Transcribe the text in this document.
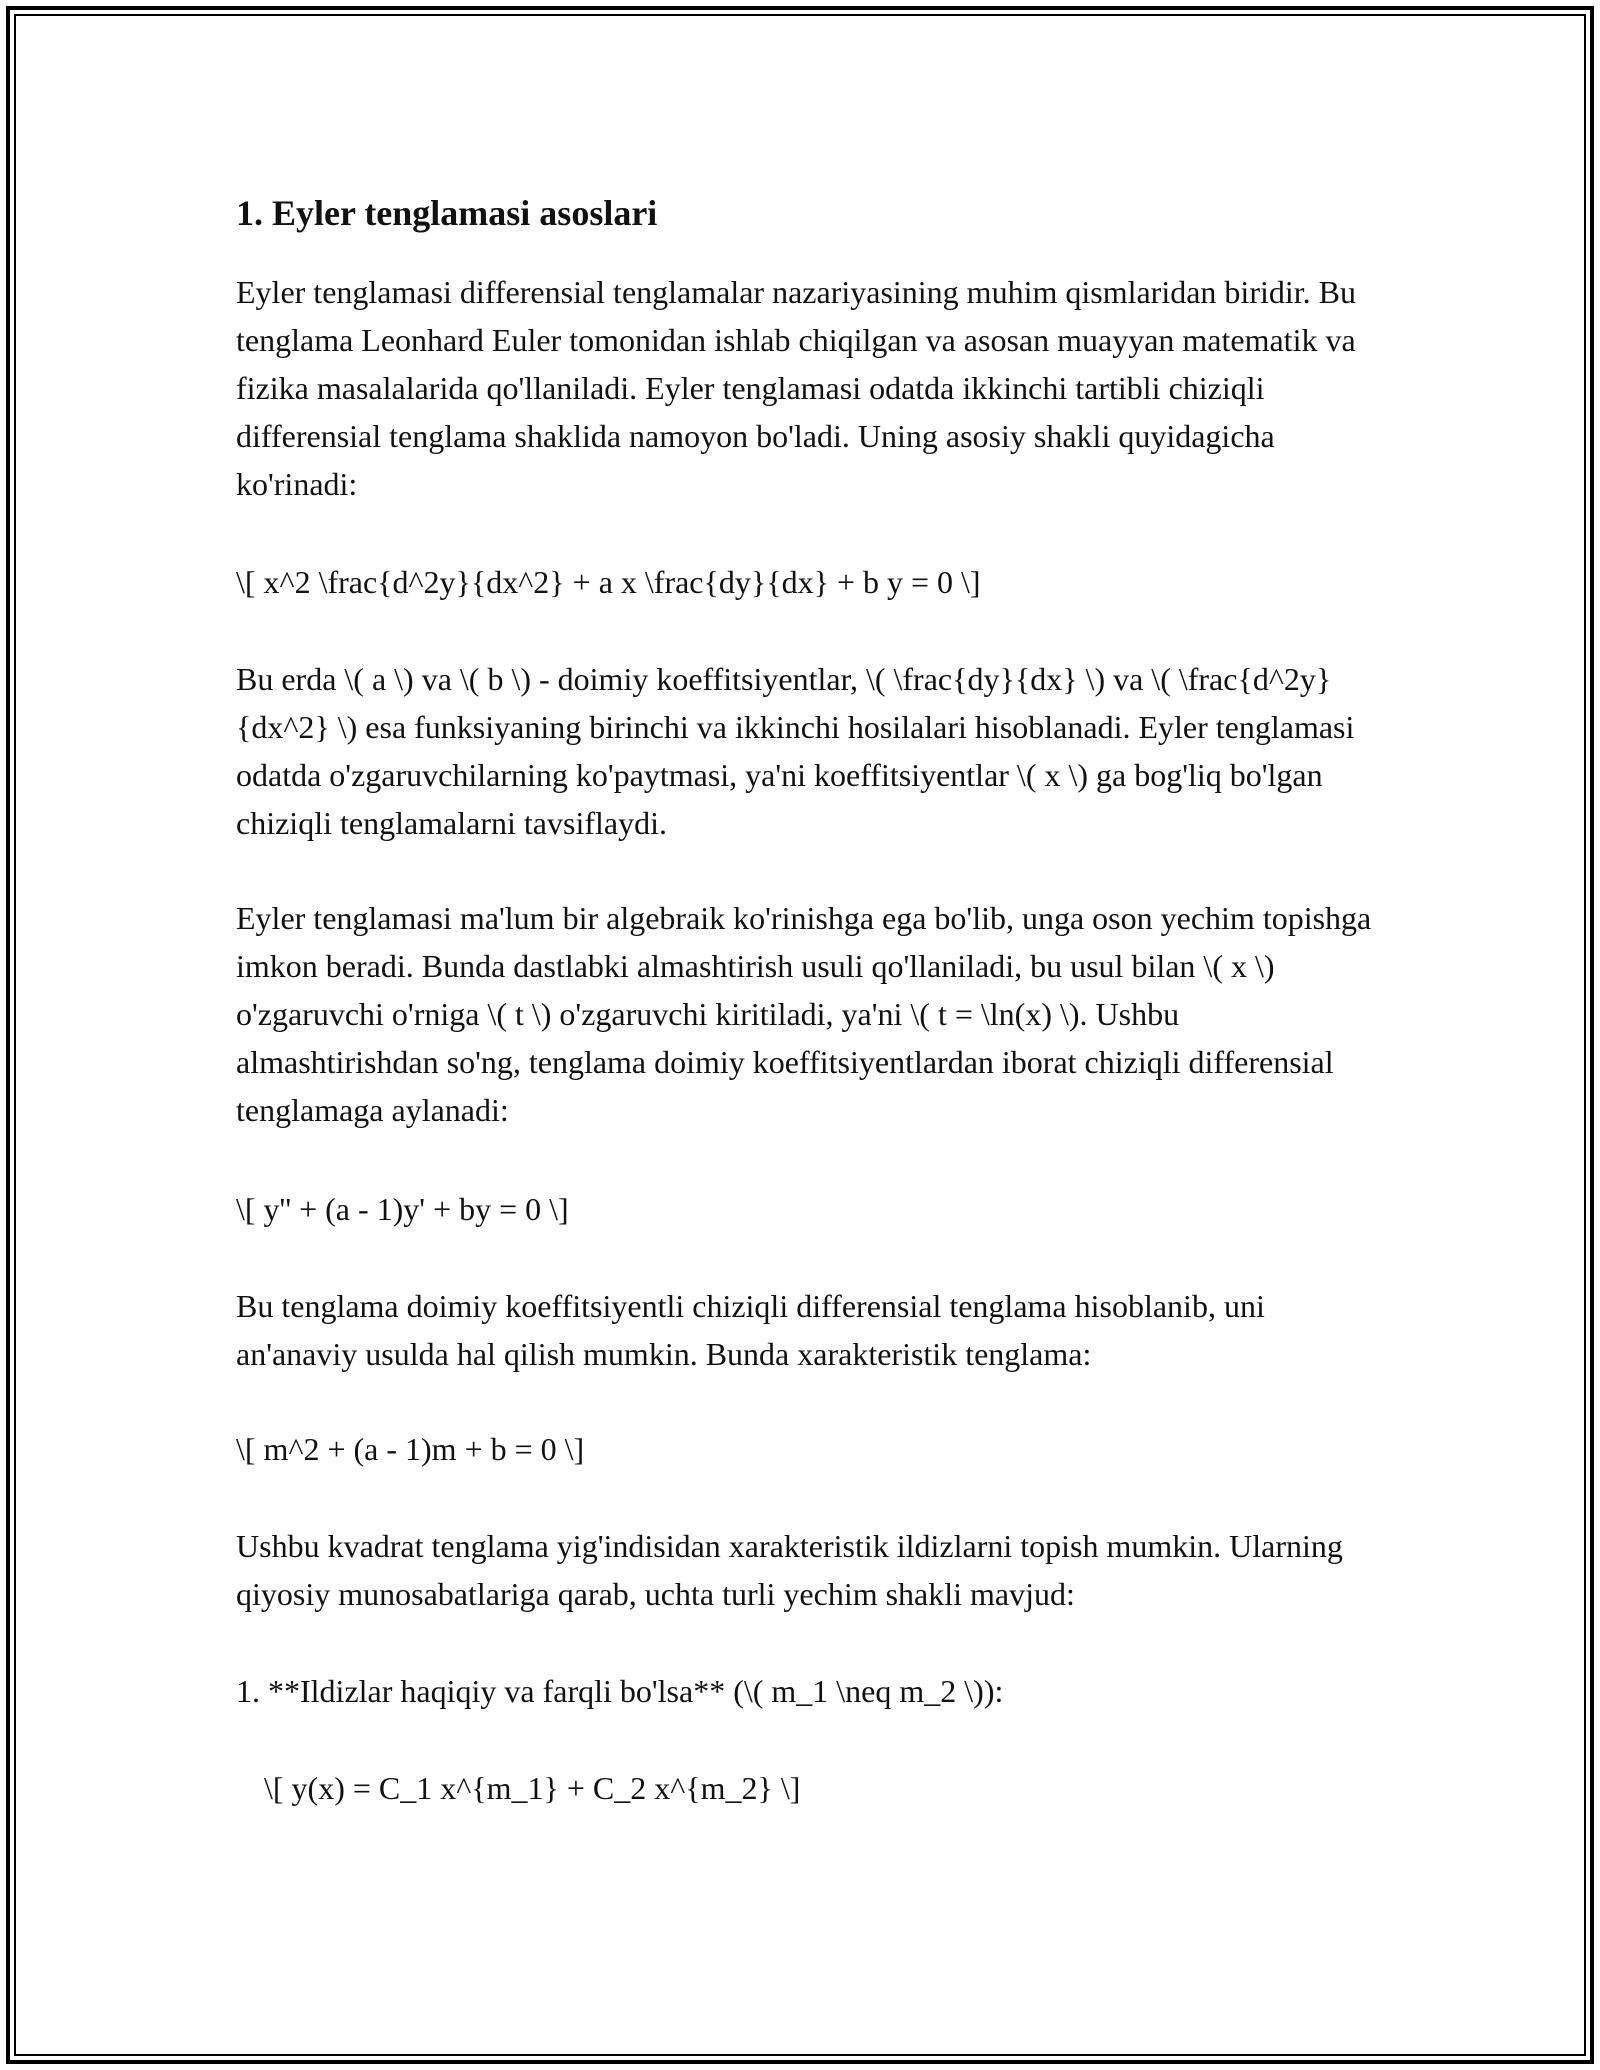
1. Eyler tenglamasi asoslari

Eyler tenglamasi differensial tenglamalar nazariyasining muhim qismlaridan biridir. Bu tenglama Leonhard Euler tomonidan ishlab chiqilgan va asosan muayyan matematik va fizika masalalarida qo'llaniladi. Eyler tenglamasi odatda ikkinchi tartibli chiziqli differensial tenglama shaklida namoyon bo'ladi. Uning asosiy shakli quyidagicha ko'rinadi:

\[ x^2 \frac{d^2y}{dx^2} + a x \frac{dy}{dx} + b y = 0 \]

Bu erda \( a \) va \( b \) - doimiy koeffitsiyentlar, \( \frac{dy}{dx} \) va \( \frac{d^2y}{dx^2} \) esa funksiyaning birinchi va ikkinchi hosilalari hisoblanadi. Eyler tenglamasi odatda o'zgaruvchilarning ko'paytmasi, ya'ni koeffitsiyentlar \( x \) ga bog'liq bo'lgan chiziqli tenglamalarni tavsiflaydi.

Eyler tenglamasi ma'lum bir algebraik ko'rinishga ega bo'lib, unga oson yechim topishga imkon beradi. Bunda dastlabki almashtirish usuli qo'llaniladi, bu usul bilan \( x \) o'zgaruvchi o'rniga \( t \) o'zgaruvchi kiritiladi, ya'ni \( t = \ln(x) \). Ushbu almashtirishdan so'ng, tenglama doimiy koeffitsiyentlardan iborat chiziqli differensial tenglamaga aylanadi:

\[ y'' + (a - 1)y' + by = 0 \]

Bu tenglama doimiy koeffitsiyentli chiziqli differensial tenglama hisoblanib, uni an'anaviy usulda hal qilish mumkin. Bunda xarakteristik tenglama:

\[ m^2 + (a - 1)m + b = 0 \]

Ushbu kvadrat tenglama yig'indisidan xarakteristik ildizlarni topish mumkin. Ularning qiyosiy munosabatlariga qarab, uchta turli yechim shakli mavjud:

1. **Ildizlar haqiqiy va farqli bo'lsa** (\( m_1 \neq m_2 \)):

\[ y(x) = C_1 x^{m_1} + C_2 x^{m_2} \]
